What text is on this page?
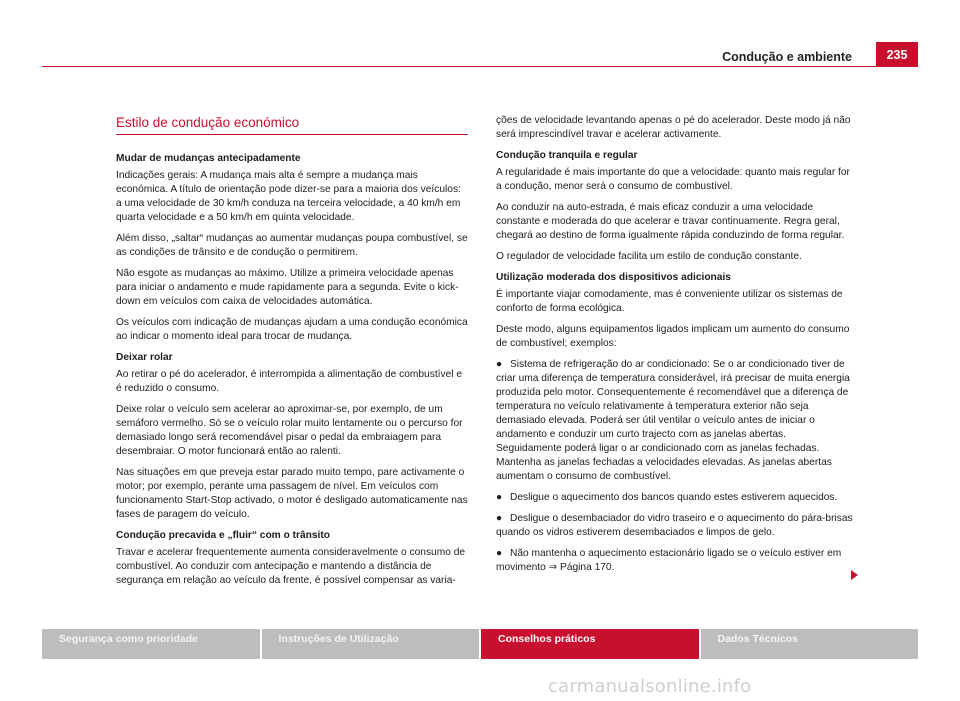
Condução e ambiente	235
Estilo de condução económico
Mudar de mudanças antecipadamente

Indicações gerais: A mudança mais alta é sempre a mudança mais económica. A título de orientação pode dizer-se para a maioria dos veículos: a uma velocidade de 30 km/h conduza na terceira velocidade, a 40 km/h em quarta velocidade e a 50 km/h em quinta velocidade.

Além disso, „saltar“ mudanças ao aumentar mudanças poupa combustível, se as condições de trânsito e de condução o permitirem.

Não esgote as mudanças ao máximo. Utilize a primeira velocidade apenas para iniciar o andamento e mude rapidamente para a segunda. Evite o kick-down em veículos com caixa de velocidades automática.

Os veículos com indicação de mudanças ajudam a uma condução económica ao indicar o momento ideal para trocar de mudança.

Deixar rolar

Ao retirar o pé do acelerador, é interrompida a alimentação de combustível e é reduzido o consumo.

Deixe rolar o veículo sem acelerar ao aproximar-se, por exemplo, de um semáforo vermelho. Só se o veículo rolar muito lentamente ou o percurso for demasiado longo será recomendável pisar o pedal da embraiagem para desembraiar. O motor funcionará então ao ralenti.

Nas situações em que preveja estar parado muito tempo, pare activamente o motor; por exemplo, perante uma passagem de nível. Em veículos com funcionamento Start-Stop activado, o motor é desligado automaticamente nas fases de paragem do veículo.

Condução precavida e „fluir“ com o trânsito

Travar e acelerar frequentemente aumenta consideravelmente o consumo de combustível. Ao conduzir com antecipação e mantendo a distância de segurança em relação ao veículo da frente, é possível compensar as varia-

ções de velocidade levantando apenas o pé do acelerador. Deste modo já não será imprescindível travar e acelerar activamente.

Condução tranquila e regular

A regularidade é mais importante do que a velocidade: quanto mais regular for a condução, menor será o consumo de combustível.

Ao conduzir na auto-estrada, é mais eficaz conduzir a uma velocidade constante e moderada do que acelerar e travar continuamente. Regra geral, chegará ao destino de forma igualmente rápida conduzindo de forma regular.

O regulador de velocidade facilita um estilo de condução constante.

Utilização moderada dos dispositivos adicionais

É importante viajar comodamente, mas é conveniente utilizar os sistemas de conforto de forma ecológica.

Deste modo, alguns equipamentos ligados implicam um aumento do consumo de combustível; exemplos:

● Sistema de refrigeração do ar condicionado: Se o ar condicionado tiver de criar uma diferença de temperatura considerável, irá precisar de muita energia produzida pelo motor. Consequentemente é recomendável que a diferença de temperatura no veículo relativamente à temperatura exterior não seja demasiado elevada. Poderá ser útil ventilar o veículo antes de iniciar o andamento e conduzir um curto trajecto com as janelas abertas. Seguidamente poderá ligar o ar condicionado com as janelas fechadas. Mantenha as janelas fechadas a velocidades elevadas. As janelas abertas aumentam o consumo de combustível.

● Desligue o aquecimento dos bancos quando estes estiverem aquecidos.

● Desligue o desembaciador do vidro traseiro e o aquecimento do pára-brisas quando os vidros estiverem desembaciados e limpos de gelo.

● Não mantenha o aquecimento estacionário ligado se o veículo estiver em movimento ⇒ Página 170.

Segurança como prioridade	Instruções de Utilização	Conselhos práticos	Dados Técnicos
carmanualsonline.info
